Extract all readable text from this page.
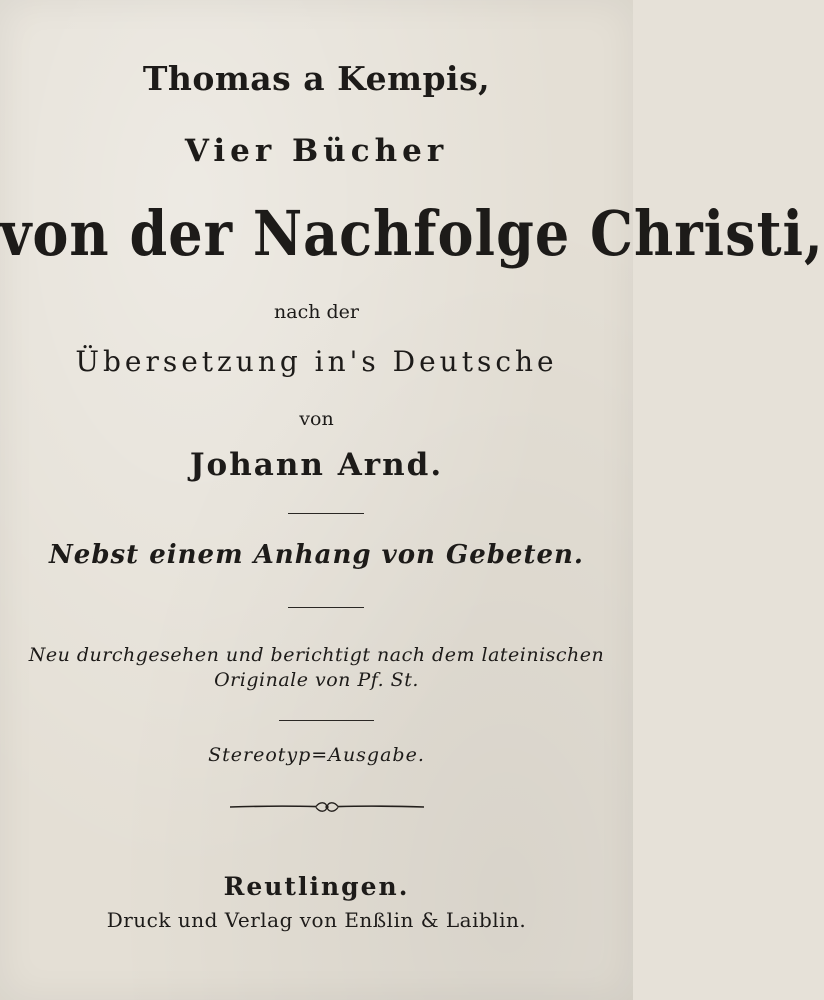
Thomas a Kempis,
Vier Bücher
von der Nachfolge Christi,
nach der
Übersetzung in's Deutsche
von
Johann Arnd.
Nebst einem Anhang von Gebeten.
Neu durchgesehen und berichtigt nach dem lateinischen
Originale von Pf. St.
Stereotyp=Ausgabe.
Reutlingen.
Druck und Verlag von Enßlin & Laiblin.
